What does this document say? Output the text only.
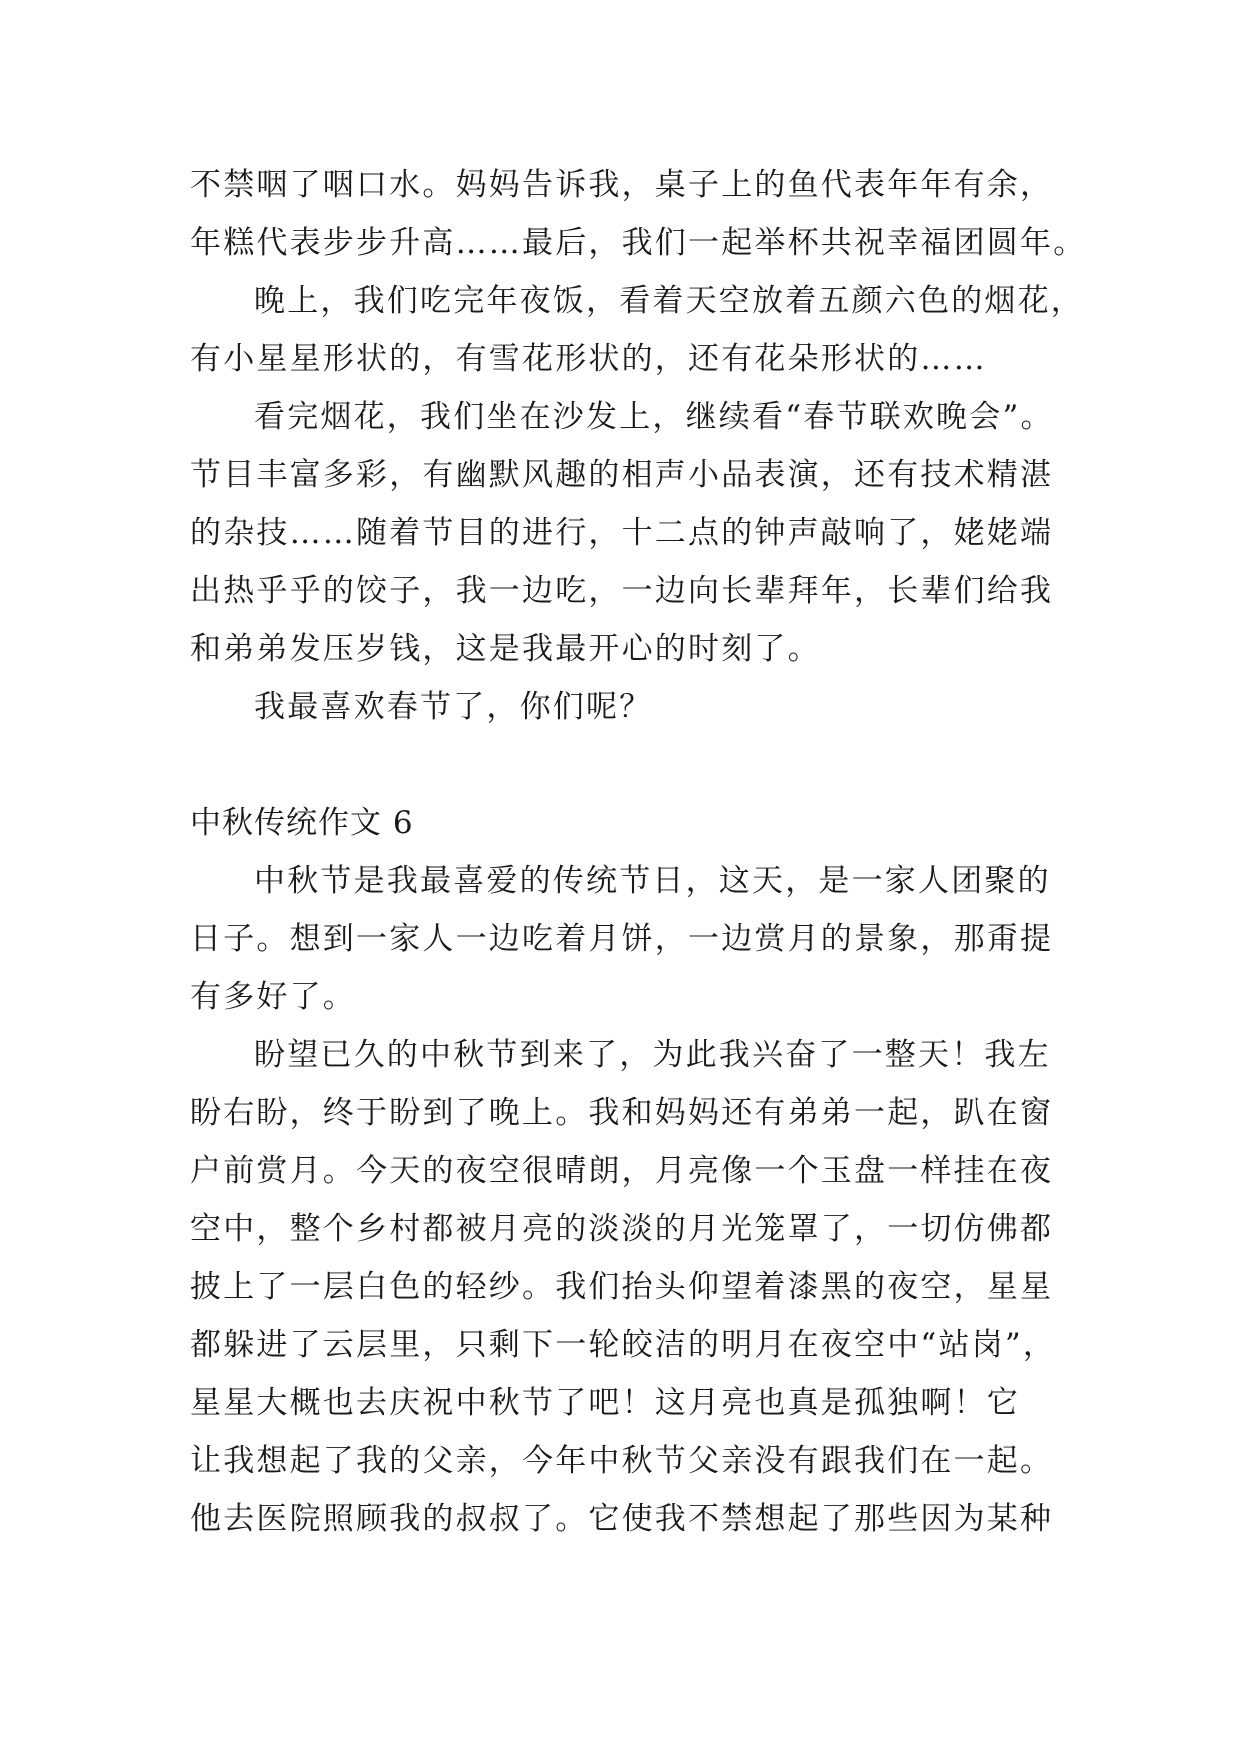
不禁咽了咽口水。妈妈告诉我，桌子上的鱼代表年年有余，
年糕代表步步升高……最后，我们一起举杯共祝幸福团圆年。
晚上，我们吃完年夜饭，看着天空放着五颜六色的烟花，
有小星星形状的，有雪花形状的，还有花朵形状的……
看完烟花，我们坐在沙发上，继续看“春节联欢晚会”。
节目丰富多彩，有幽默风趣的相声小品表演，还有技术精湛
的杂技……随着节目的进行，十二点的钟声敲响了，姥姥端
出热乎乎的饺子，我一边吃，一边向长辈拜年，长辈们给我
和弟弟发压岁钱，这是我最开心的时刻了。
我最喜欢春节了，你们呢？
中秋传统作文 6
中秋节是我最喜爱的传统节日，这天，是一家人团聚的
日子。想到一家人一边吃着月饼，一边赏月的景象，那甭提
有多好了。
盼望已久的中秋节到来了，为此我兴奋了一整天！我左
盼右盼，终于盼到了晚上。我和妈妈还有弟弟一起，趴在窗
户前赏月。今天的夜空很晴朗，月亮像一个玉盘一样挂在夜
空中，整个乡村都被月亮的淡淡的月光笼罩了，一切仿佛都
披上了一层白色的轻纱。我们抬头仰望着漆黑的夜空，星星
都躲进了云层里，只剩下一轮皎洁的明月在夜空中“站岗”，
星星大概也去庆祝中秋节了吧！这月亮也真是孤独啊！它
让我想起了我的父亲，今年中秋节父亲没有跟我们在一起。
他去医院照顾我的叔叔了。它使我不禁想起了那些因为某种
